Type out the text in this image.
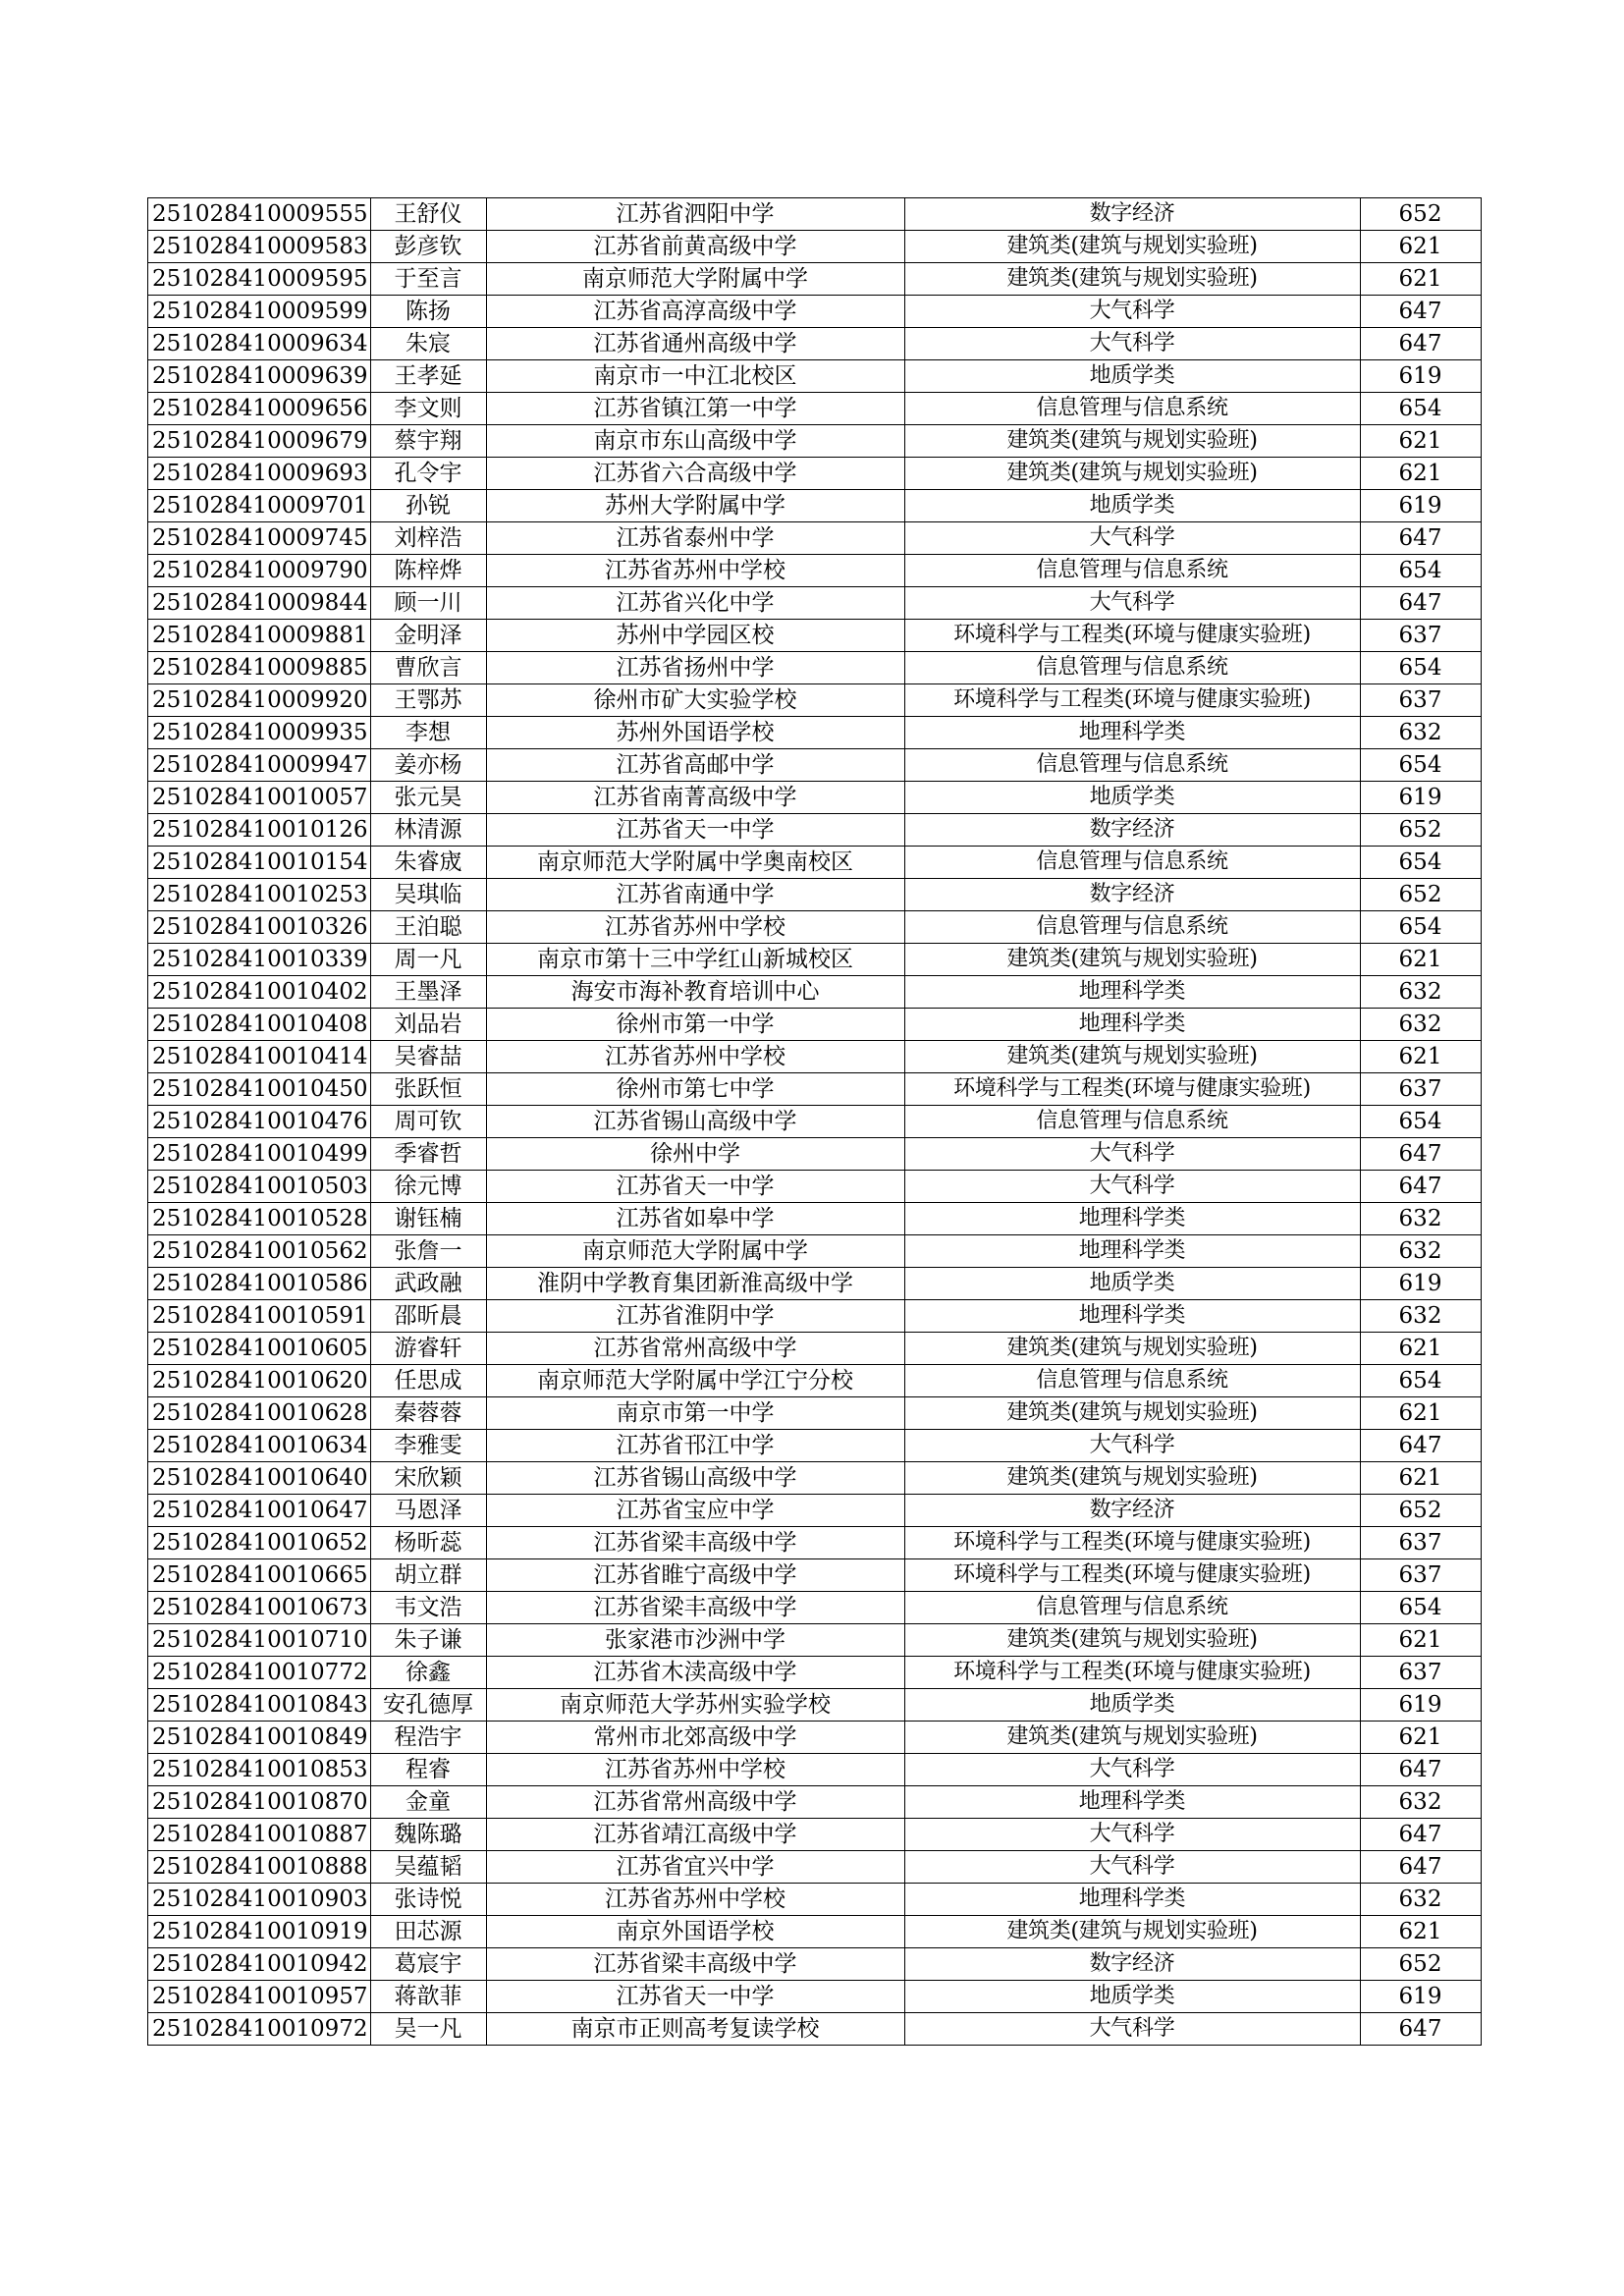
251028410009555	王舒仪	江苏省泗阳中学	数字经济	652
251028410009583	彭彦钦	江苏省前黄高级中学	建筑类(建筑与规划实验班)	621
251028410009595	于至言	南京师范大学附属中学	建筑类(建筑与规划实验班)	621
251028410009599	陈扬	江苏省高淳高级中学	大气科学	647
251028410009634	朱宸	江苏省通州高级中学	大气科学	647
251028410009639	王孝延	南京市一中江北校区	地质学类	619
251028410009656	李文则	江苏省镇江第一中学	信息管理与信息系统	654
251028410009679	蔡宇翔	南京市东山高级中学	建筑类(建筑与规划实验班)	621
251028410009693	孔令宇	江苏省六合高级中学	建筑类(建筑与规划实验班)	621
251028410009701	孙锐	苏州大学附属中学	地质学类	619
251028410009745	刘梓浩	江苏省泰州中学	大气科学	647
251028410009790	陈梓烨	江苏省苏州中学校	信息管理与信息系统	654
251028410009844	顾一川	江苏省兴化中学	大气科学	647
251028410009881	金明泽	苏州中学园区校	环境科学与工程类(环境与健康实验班)	637
251028410009885	曹欣言	江苏省扬州中学	信息管理与信息系统	654
251028410009920	王鄂苏	徐州市矿大实验学校	环境科学与工程类(环境与健康实验班)	637
251028410009935	李想	苏州外国语学校	地理科学类	632
251028410009947	姜亦杨	江苏省高邮中学	信息管理与信息系统	654
251028410010057	张元昊	江苏省南菁高级中学	地质学类	619
251028410010126	林清源	江苏省天一中学	数字经济	652
251028410010154	朱睿宬	南京师范大学附属中学奥南校区	信息管理与信息系统	654
251028410010253	吴琪临	江苏省南通中学	数字经济	652
251028410010326	王泊聪	江苏省苏州中学校	信息管理与信息系统	654
251028410010339	周一凡	南京市第十三中学红山新城校区	建筑类(建筑与规划实验班)	621
251028410010402	王墨泽	海安市海补教育培训中心	地理科学类	632
251028410010408	刘品岩	徐州市第一中学	地理科学类	632
251028410010414	吴睿喆	江苏省苏州中学校	建筑类(建筑与规划实验班)	621
251028410010450	张跃恒	徐州市第七中学	环境科学与工程类(环境与健康实验班)	637
251028410010476	周可钦	江苏省锡山高级中学	信息管理与信息系统	654
251028410010499	季睿哲	徐州中学	大气科学	647
251028410010503	徐元博	江苏省天一中学	大气科学	647
251028410010528	谢钰楠	江苏省如皋中学	地理科学类	632
251028410010562	张詹一	南京师范大学附属中学	地理科学类	632
251028410010586	武政融	淮阴中学教育集团新淮高级中学	地质学类	619
251028410010591	邵昕晨	江苏省淮阴中学	地理科学类	632
251028410010605	游睿轩	江苏省常州高级中学	建筑类(建筑与规划实验班)	621
251028410010620	任思成	南京师范大学附属中学江宁分校	信息管理与信息系统	654
251028410010628	秦蓉蓉	南京市第一中学	建筑类(建筑与规划实验班)	621
251028410010634	李雅雯	江苏省邗江中学	大气科学	647
251028410010640	宋欣颖	江苏省锡山高级中学	建筑类(建筑与规划实验班)	621
251028410010647	马恩泽	江苏省宝应中学	数字经济	652
251028410010652	杨昕蕊	江苏省梁丰高级中学	环境科学与工程类(环境与健康实验班)	637
251028410010665	胡立群	江苏省睢宁高级中学	环境科学与工程类(环境与健康实验班)	637
251028410010673	韦文浩	江苏省梁丰高级中学	信息管理与信息系统	654
251028410010710	朱子谦	张家港市沙洲中学	建筑类(建筑与规划实验班)	621
251028410010772	徐鑫	江苏省木渎高级中学	环境科学与工程类(环境与健康实验班)	637
251028410010843	安孔德厚	南京师范大学苏州实验学校	地质学类	619
251028410010849	程浩宇	常州市北郊高级中学	建筑类(建筑与规划实验班)	621
251028410010853	程睿	江苏省苏州中学校	大气科学	647
251028410010870	金童	江苏省常州高级中学	地理科学类	632
251028410010887	魏陈璐	江苏省靖江高级中学	大气科学	647
251028410010888	吴蕴韬	江苏省宜兴中学	大气科学	647
251028410010903	张诗悦	江苏省苏州中学校	地理科学类	632
251028410010919	田芯源	南京外国语学校	建筑类(建筑与规划实验班)	621
251028410010942	葛宸宇	江苏省梁丰高级中学	数字经济	652
251028410010957	蒋歆菲	江苏省天一中学	地质学类	619
251028410010972	吴一凡	南京市正则高考复读学校	大气科学	647
